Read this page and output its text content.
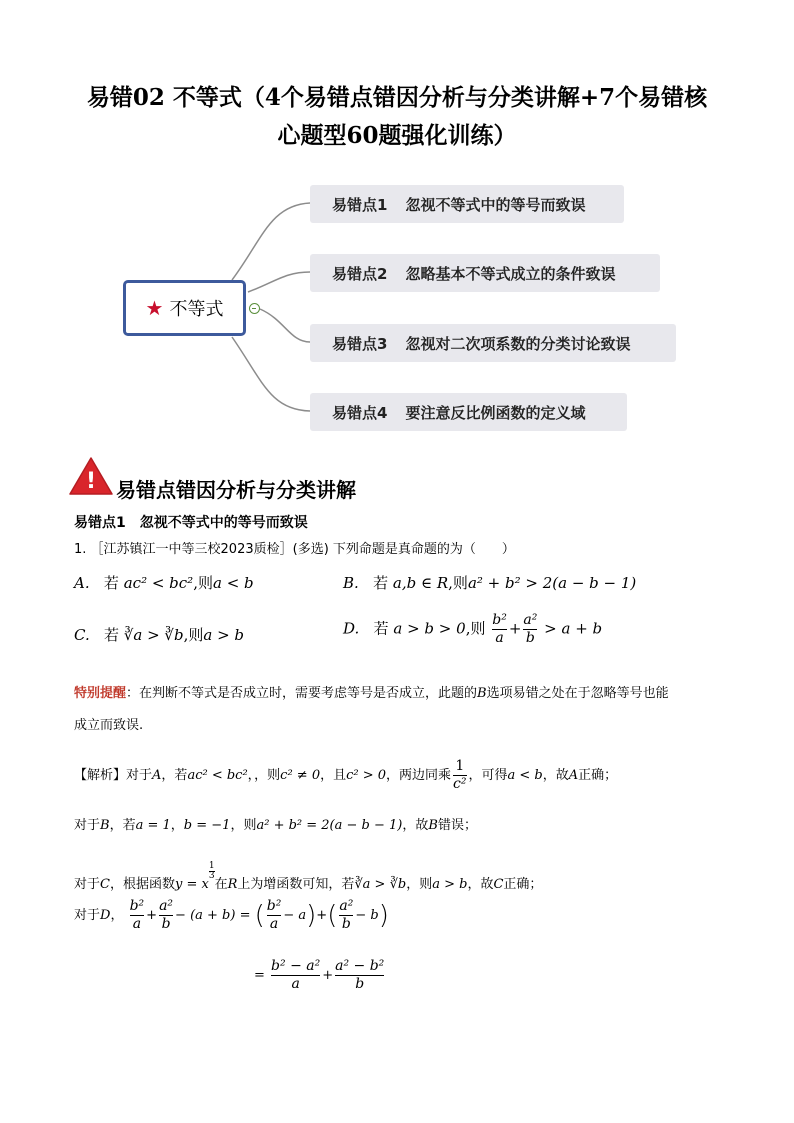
易错02 不等式（4个易错点错因分析与分类讲解+7个易错核
心题型60题强化训练）
★ 不等式
易错点1 忽视不等式中的等号而致误
易错点2 忽略基本不等式成立的条件致误
易错点3 忽视对二次项系数的分类讨论致误
易错点4 要注意反比例函数的定义域
! 易错点错因分析与分类讲解
易错点1　忽视不等式中的等号而致误
1. ［江苏镇江一中等三校2023质检］(多选) 下列命题是真命题的为（　　）
A. 若 ac² < bc²,则a < b	B. 若 a,b ∈ R,则a² + b² > 2(a − b − 1)
C. 若 ∛a > ∛b,则a > b	D. 若 a > b > 0,则 $\frac{\text{b²}}{a} + \frac{\text{a²}}{b} > a + b$
特别提醒：在判断不等式是否成立时，需要考虑等号是否成立，此题的B选项易错之处在于忽略等号也能
成立而致误.
【解析】对于A，若ac² < bc²，，则c² ≠ 0，且c² > 0，两边同乘 $\frac{1}{\text{c²}}$ ，可得a < b，故A正确；
对于B，若a = 1，b = −1，则a² + b² = 2(a − b − 1)，故B错误；
对于C，根据函数y = x
$^{\frac{1}{3}}$
在R上为增函数可知，若∛a > ∛b，则a > b，故C正确；
对于D， $\frac{\text{b²}}{a} + \frac{\text{a²}}{b} - (a + b)$ = ( $\frac{\text{b²}}{a} - a)+( \frac{\text{a²}}{b} - b)$
= $\frac{\text{b² − a²}}{a} + \frac{\text{a² − b²}}{b}$
